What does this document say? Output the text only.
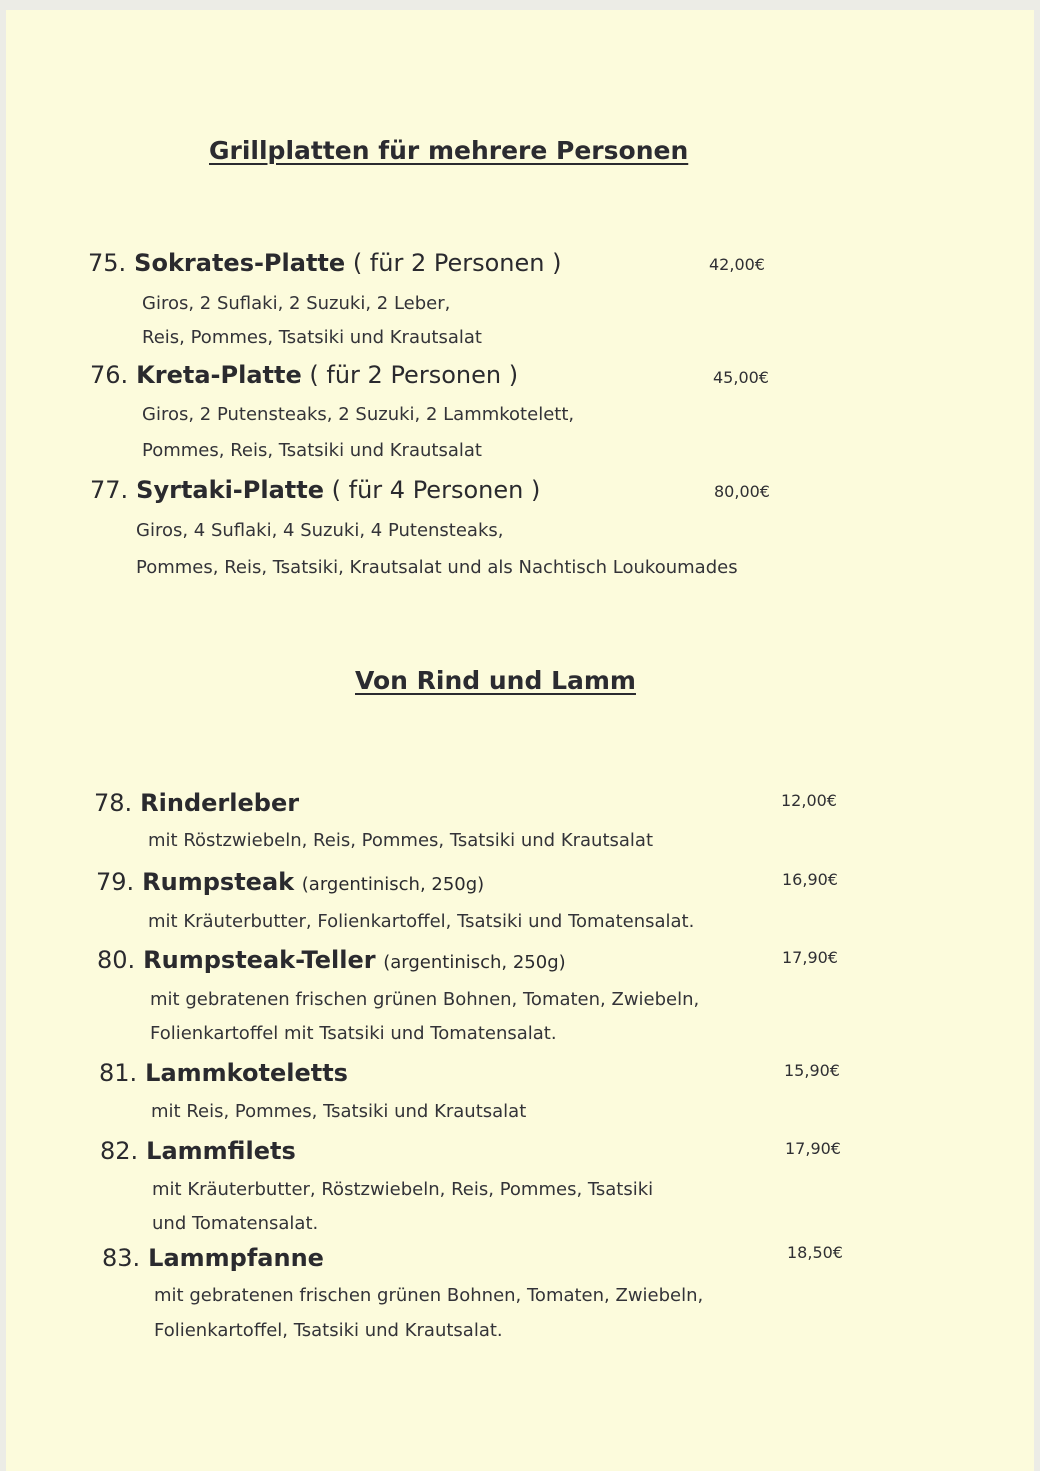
Grillplatten für mehrere Personen
75. Sokrates-Platte ( für 2 Personen )	42,00€
Giros, 2 Suflaki, 2 Suzuki, 2 Leber,
Reis, Pommes, Tsatsiki und Krautsalat
76. Kreta-Platte ( für 2 Personen )	45,00€
Giros, 2 Putensteaks, 2 Suzuki, 2 Lammkotelett,
Pommes, Reis, Tsatsiki und Krautsalat
77. Syrtaki-Platte ( für 4 Personen )	80,00€
Giros, 4 Suflaki, 4 Suzuki, 4 Putensteaks,
Pommes, Reis, Tsatsiki, Krautsalat und als Nachtisch Loukoumades
Von Rind und Lamm
78. Rinderleber	12,00€
mit Röstzwiebeln, Reis, Pommes, Tsatsiki und Krautsalat
79. Rumpsteak (argentinisch, 250g)	16,90€
mit Kräuterbutter, Folienkartoffel, Tsatsiki und Tomatensalat.
80. Rumpsteak-Teller (argentinisch, 250g)	17,90€
mit gebratenen frischen grünen Bohnen, Tomaten, Zwiebeln,
Folienkartoffel mit Tsatsiki und Tomatensalat.
81. Lammkoteletts	15,90€
mit Reis, Pommes, Tsatsiki und Krautsalat
82. Lammfilets	17,90€
mit Kräuterbutter, Röstzwiebeln, Reis, Pommes, Tsatsiki
und Tomatensalat.
83. Lammpfanne	18,50€
mit gebratenen frischen grünen Bohnen, Tomaten, Zwiebeln,
Folienkartoffel, Tsatsiki und Krautsalat.
